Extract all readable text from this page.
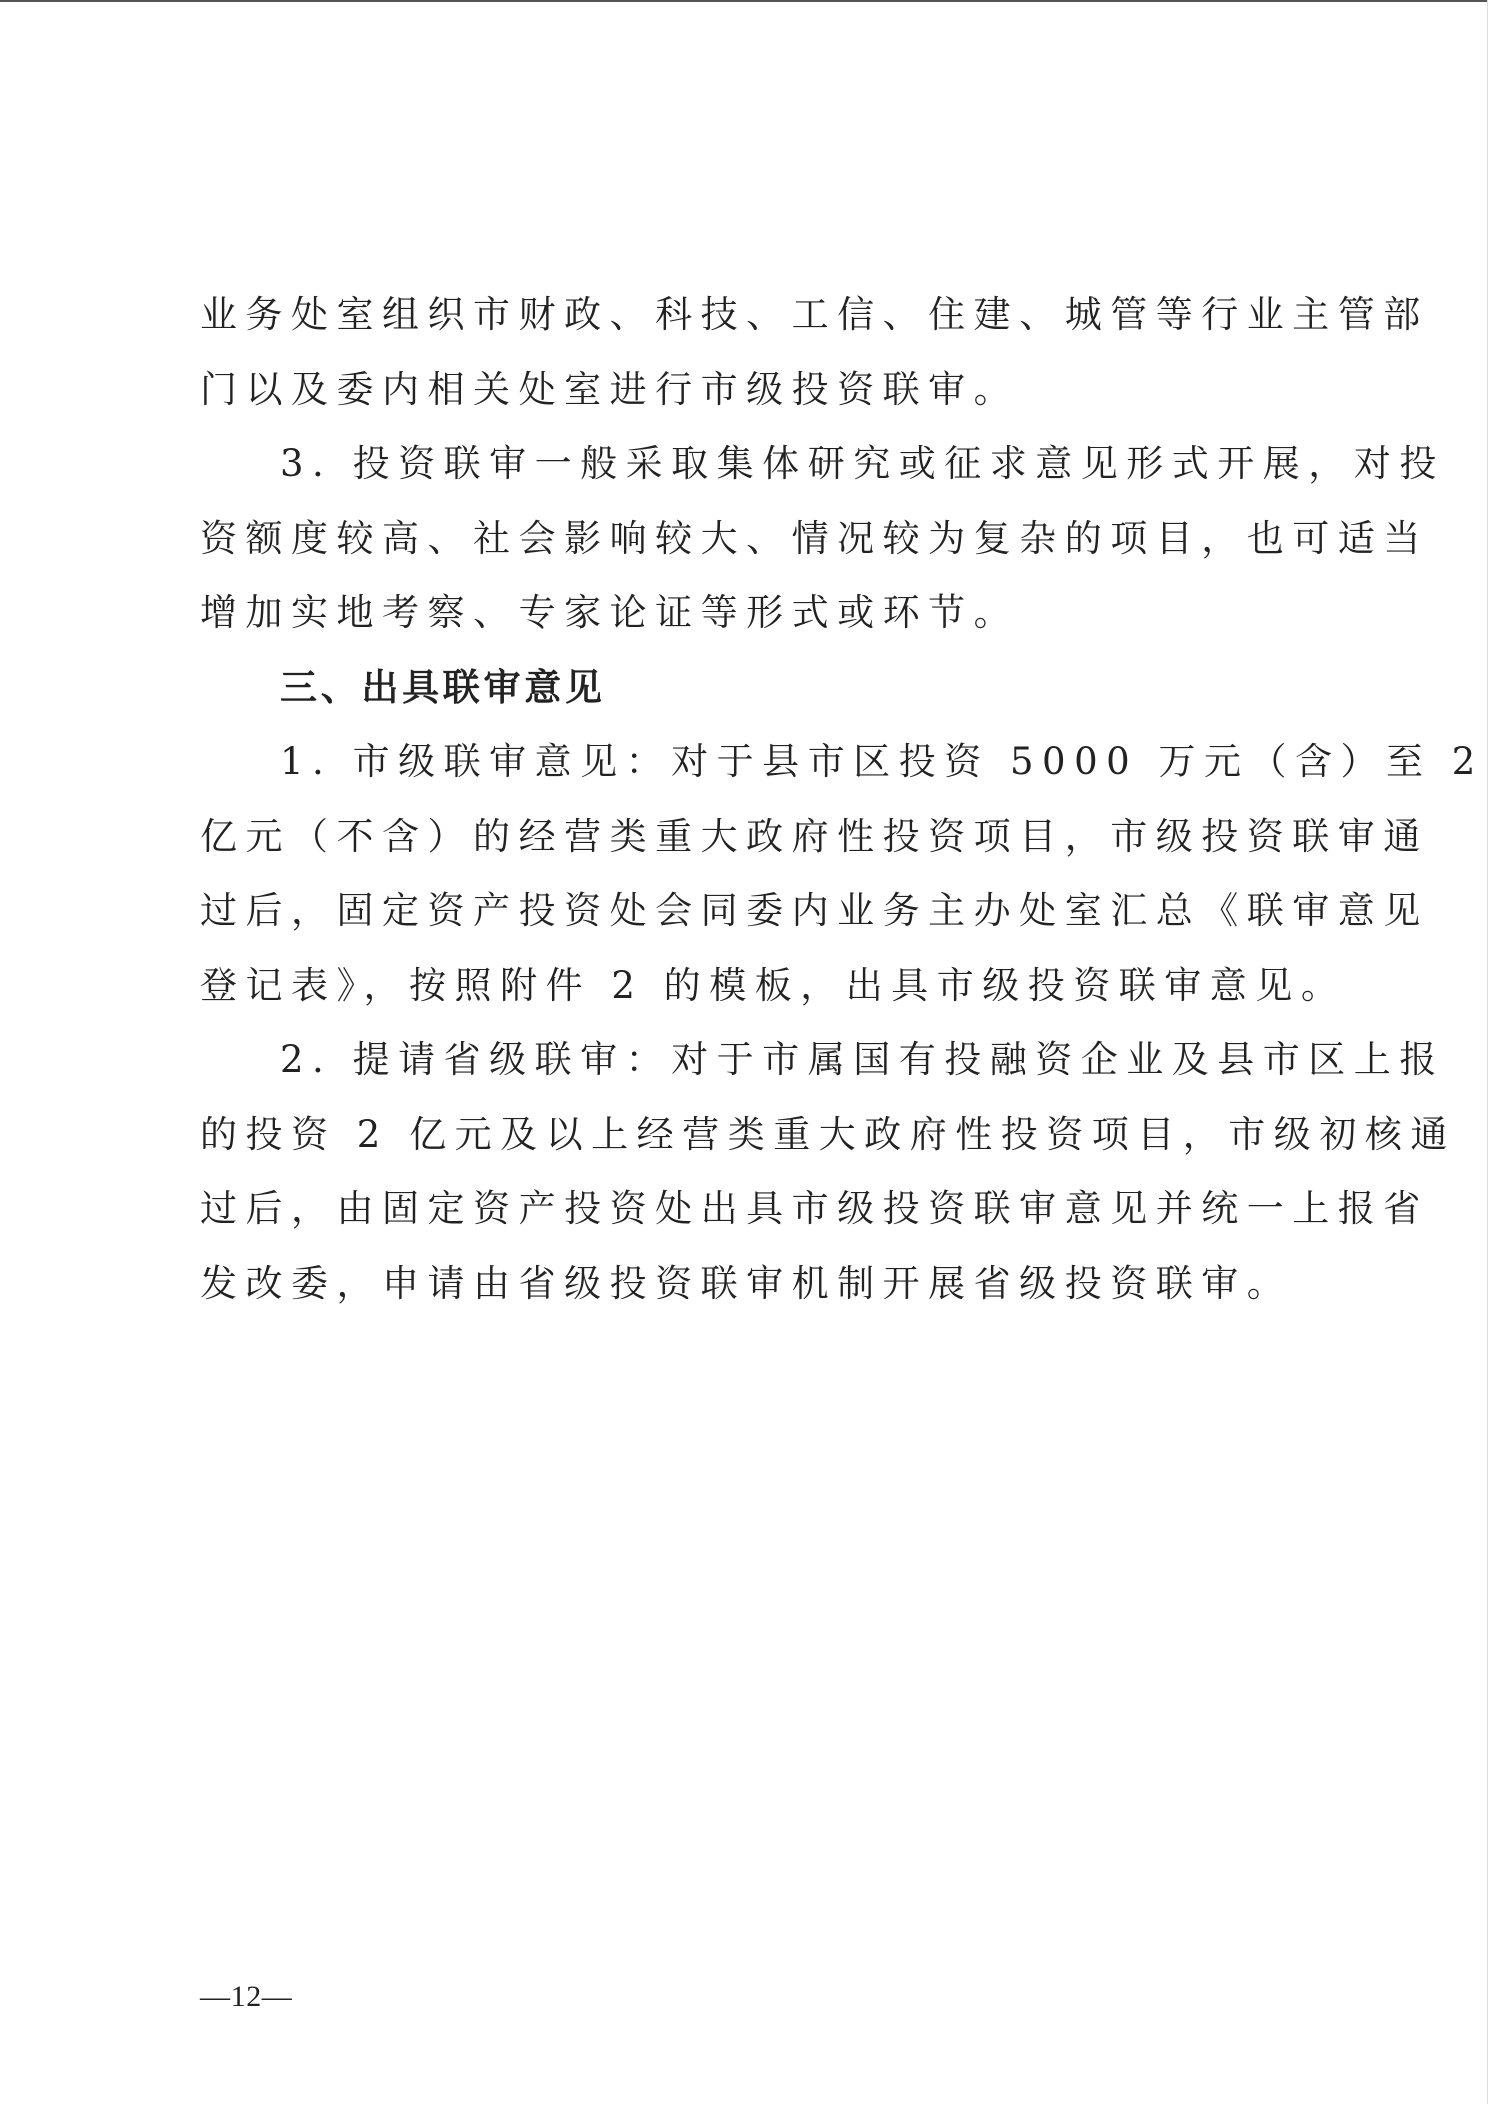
业务处室组织市财政、科技、工信、住建、城管等行业主管部
门以及委内相关处室进行市级投资联审。
3. 投资联审一般采取集体研究或征求意见形式开展，对投
资额度较高、社会影响较大、情况较为复杂的项目，也可适当
增加实地考察、专家论证等形式或环节。
三、出具联审意见
1. 市级联审意见：对于县市区投资 5000 万元（含）至 2
亿元（不含）的经营类重大政府性投资项目，市级投资联审通
过后，固定资产投资处会同委内业务主办处室汇总《联审意见
登记表》，按照附件 2 的模板，出具市级投资联审意见。
2. 提请省级联审：对于市属国有投融资企业及县市区上报
的投资 2 亿元及以上经营类重大政府性投资项目，市级初核通
过后，由固定资产投资处出具市级投资联审意见并统一上报省
发改委，申请由省级投资联审机制开展省级投资联审。
—12—
